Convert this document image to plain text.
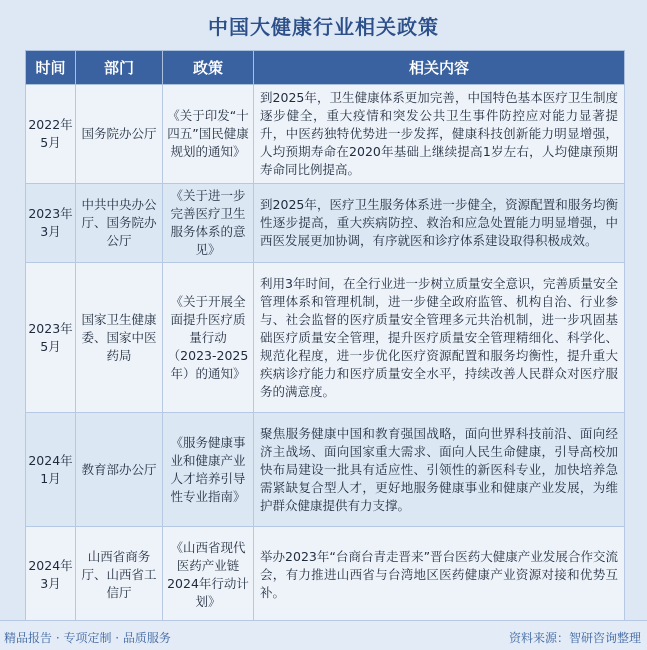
中国大健康行业相关政策
时间	部门	政策	相关内容
2022年5月	国务院办公厅	《关于印发“十四五”国民健康规划的通知》	到2025年，卫生健康体系更加完善，中国特色基本医疗卫生制度逐步健全，重大疫情和突发公共卫生事件防控应对能力显著提升，中医药独特优势进一步发挥，健康科技创新能力明显增强，人均预期寿命在2020年基础上继续提高1岁左右，人均健康预期寿命同比例提高。
2023年3月	中共中央办公厅、国务院办公厅	《关于进一步完善医疗卫生服务体系的意见》	到2025年，医疗卫生服务体系进一步健全，资源配置和服务均衡性逐步提高，重大疾病防控、救治和应急处置能力明显增强，中西医发展更加协调，有序就医和诊疗体系建设取得积极成效。
2023年5月	国家卫生健康委、国家中医药局	《关于开展全面提升医疗质量行动（2023-2025年）的通知》	利用3年时间，在全行业进一步树立质量安全意识，完善质量安全管理体系和管理机制，进一步健全政府监管、机构自治、行业参与、社会监督的医疗质量安全管理多元共治机制，进一步巩固基础医疗质量安全管理，提升医疗质量安全管理精细化、科学化、规范化程度，进一步优化医疗资源配置和服务均衡性，提升重大疾病诊疗能力和医疗质量安全水平，持续改善人民群众对医疗服务的满意度。
2024年1月	教育部办公厅	《服务健康事业和健康产业人才培养引导性专业指南》	聚焦服务健康中国和教育强国战略，面向世界科技前沿、面向经济主战场、面向国家重大需求、面向人民生命健康，引导高校加快布局建设一批具有适应性、引领性的新医科专业，加快培养急需紧缺复合型人才，更好地服务健康事业和健康产业发展，为维护群众健康提供有力支撑。
2024年3月	山西省商务厅、山西省工信厅	《山西省现代医药产业链2024年行动计划》	举办2023年“台商台青走晋来”晋台医药大健康产业发展合作交流会，有力推进山西省与台湾地区医药健康产业资源对接和优势互补。
精品报告 · 专项定制 · 品质服务	资料来源：智研咨询整理
